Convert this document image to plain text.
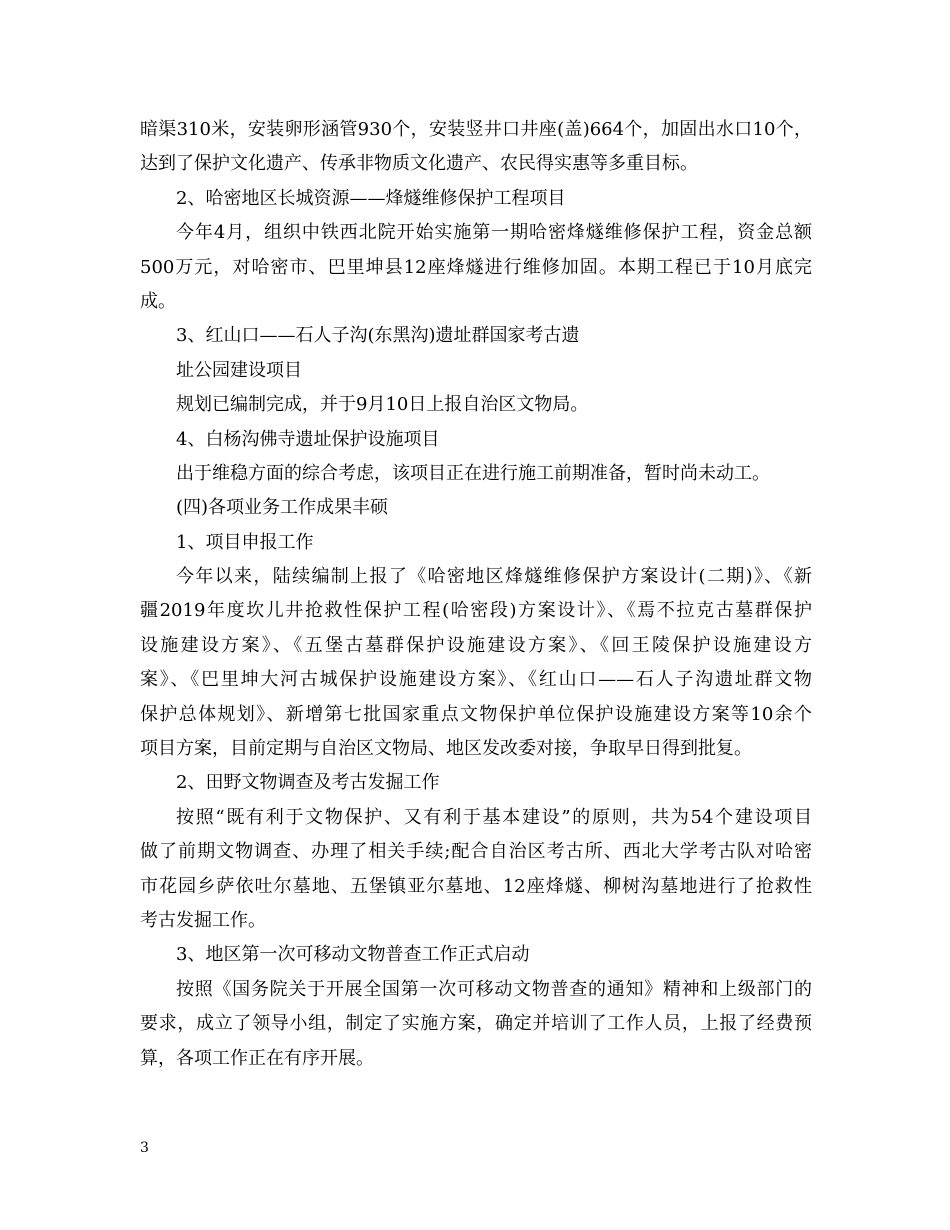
暗渠310米，安装卵形涵管930个，安装竖井口井座(盖)664个，加固出水口10个，
达到了保护文化遗产、传承非物质文化遗产、农民得实惠等多重目标。
2、哈密地区长城资源——烽燧维修保护工程项目
今年4月，组织中铁西北院开始实施第一期哈密烽燧维修保护工程，资金总额
500万元，对哈密市、巴里坤县12座烽燧进行维修加固。本期工程已于10月底完
成。
3、红山口——石人子沟(东黑沟)遗址群国家考古遗
址公园建设项目
规划已编制完成，并于9月10日上报自治区文物局。
4、白杨沟佛寺遗址保护设施项目
出于维稳方面的综合考虑，该项目正在进行施工前期准备，暂时尚未动工。
(四)各项业务工作成果丰硕
1、项目申报工作
今年以来，陆续编制上报了《哈密地区烽燧维修保护方案设计(二期)》、《新
疆2019年度坎儿井抢救性保护工程(哈密段)方案设计》、《焉不拉克古墓群保护
设施建设方案》、《五堡古墓群保护设施建设方案》、《回王陵保护设施建设方
案》、《巴里坤大河古城保护设施建设方案》、《红山口——石人子沟遗址群文物
保护总体规划》、新增第七批国家重点文物保护单位保护设施建设方案等10余个
项目方案，目前定期与自治区文物局、地区发改委对接，争取早日得到批复。
2、田野文物调查及考古发掘工作
按照“既有利于文物保护、又有利于基本建设”的原则，共为54个建设项目
做了前期文物调查、办理了相关手续;配合自治区考古所、西北大学考古队对哈密
市花园乡萨依吐尔墓地、五堡镇亚尔墓地、12座烽燧、柳树沟墓地进行了抢救性
考古发掘工作。
3、地区第一次可移动文物普查工作正式启动
按照《国务院关于开展全国第一次可移动文物普查的通知》精神和上级部门的
要求，成立了领导小组，制定了实施方案，确定并培训了工作人员，上报了经费预
算，各项工作正在有序开展。
3
